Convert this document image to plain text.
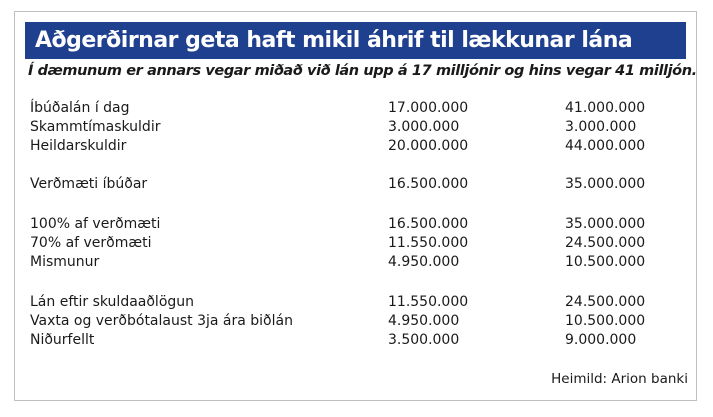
Aðgerðirnar geta haft mikil áhrif til lækkunar lána
Í dæmunum er annars vegar miðað við lán upp á 17 milljónir og hins vegar 41 milljón.
Íbúðalán í dag	17.000.000	41.000.000
Skammtímaskuldir	3.000.000	3.000.000
Heildarskuldir	20.000.000	44.000.000
Verðmæti íbúðar	16.500.000	35.000.000
100% af verðmæti	16.500.000	35.000.000
70% af verðmæti	11.550.000	24.500.000
Mismunur	4.950.000	10.500.000
Lán eftir skuldaaðlögun	11.550.000	24.500.000
Vaxta og verðbótalaust 3ja ára biðlán	4.950.000	10.500.000
Niðurfellt	3.500.000	9.000.000
Heimild: Arion banki
